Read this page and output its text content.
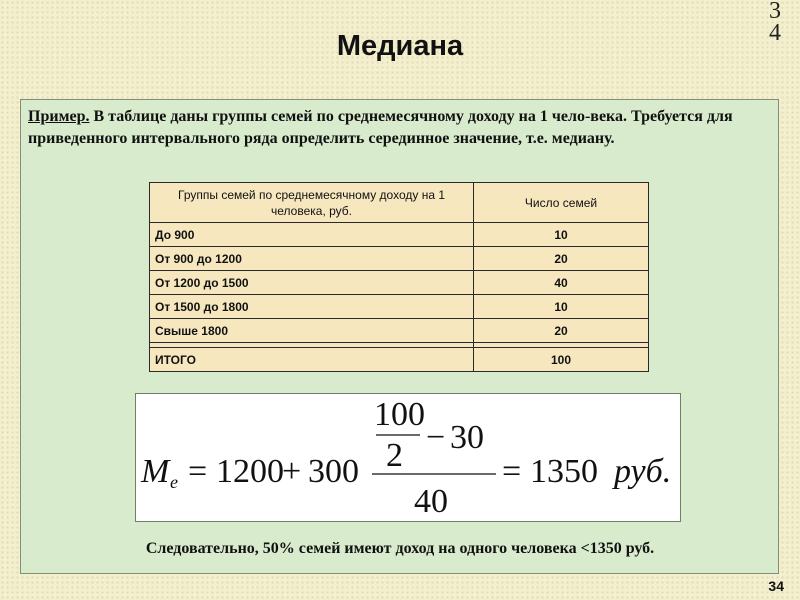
34
Медиана
Пример. В таблице даны группы семей по среднемесячному доходу на 1 чело-века. Требуется для приведенного интервального ряда определить серединное значение, т.е. медиану.
Группы семей по среднемесячному доходу на 1 человека, руб.	Число семей
До 900	10
От 900 до 1200	20
От 1200 до 1500	40
От 1500 до 1800	10
Свыше 1800	20

ИТОГО	100
M e = 1200
+ 300
100
2 − 30
40
= 1350 руб.
Следовательно, 50% семей имеют доход на одного человека <1350 руб.
34
